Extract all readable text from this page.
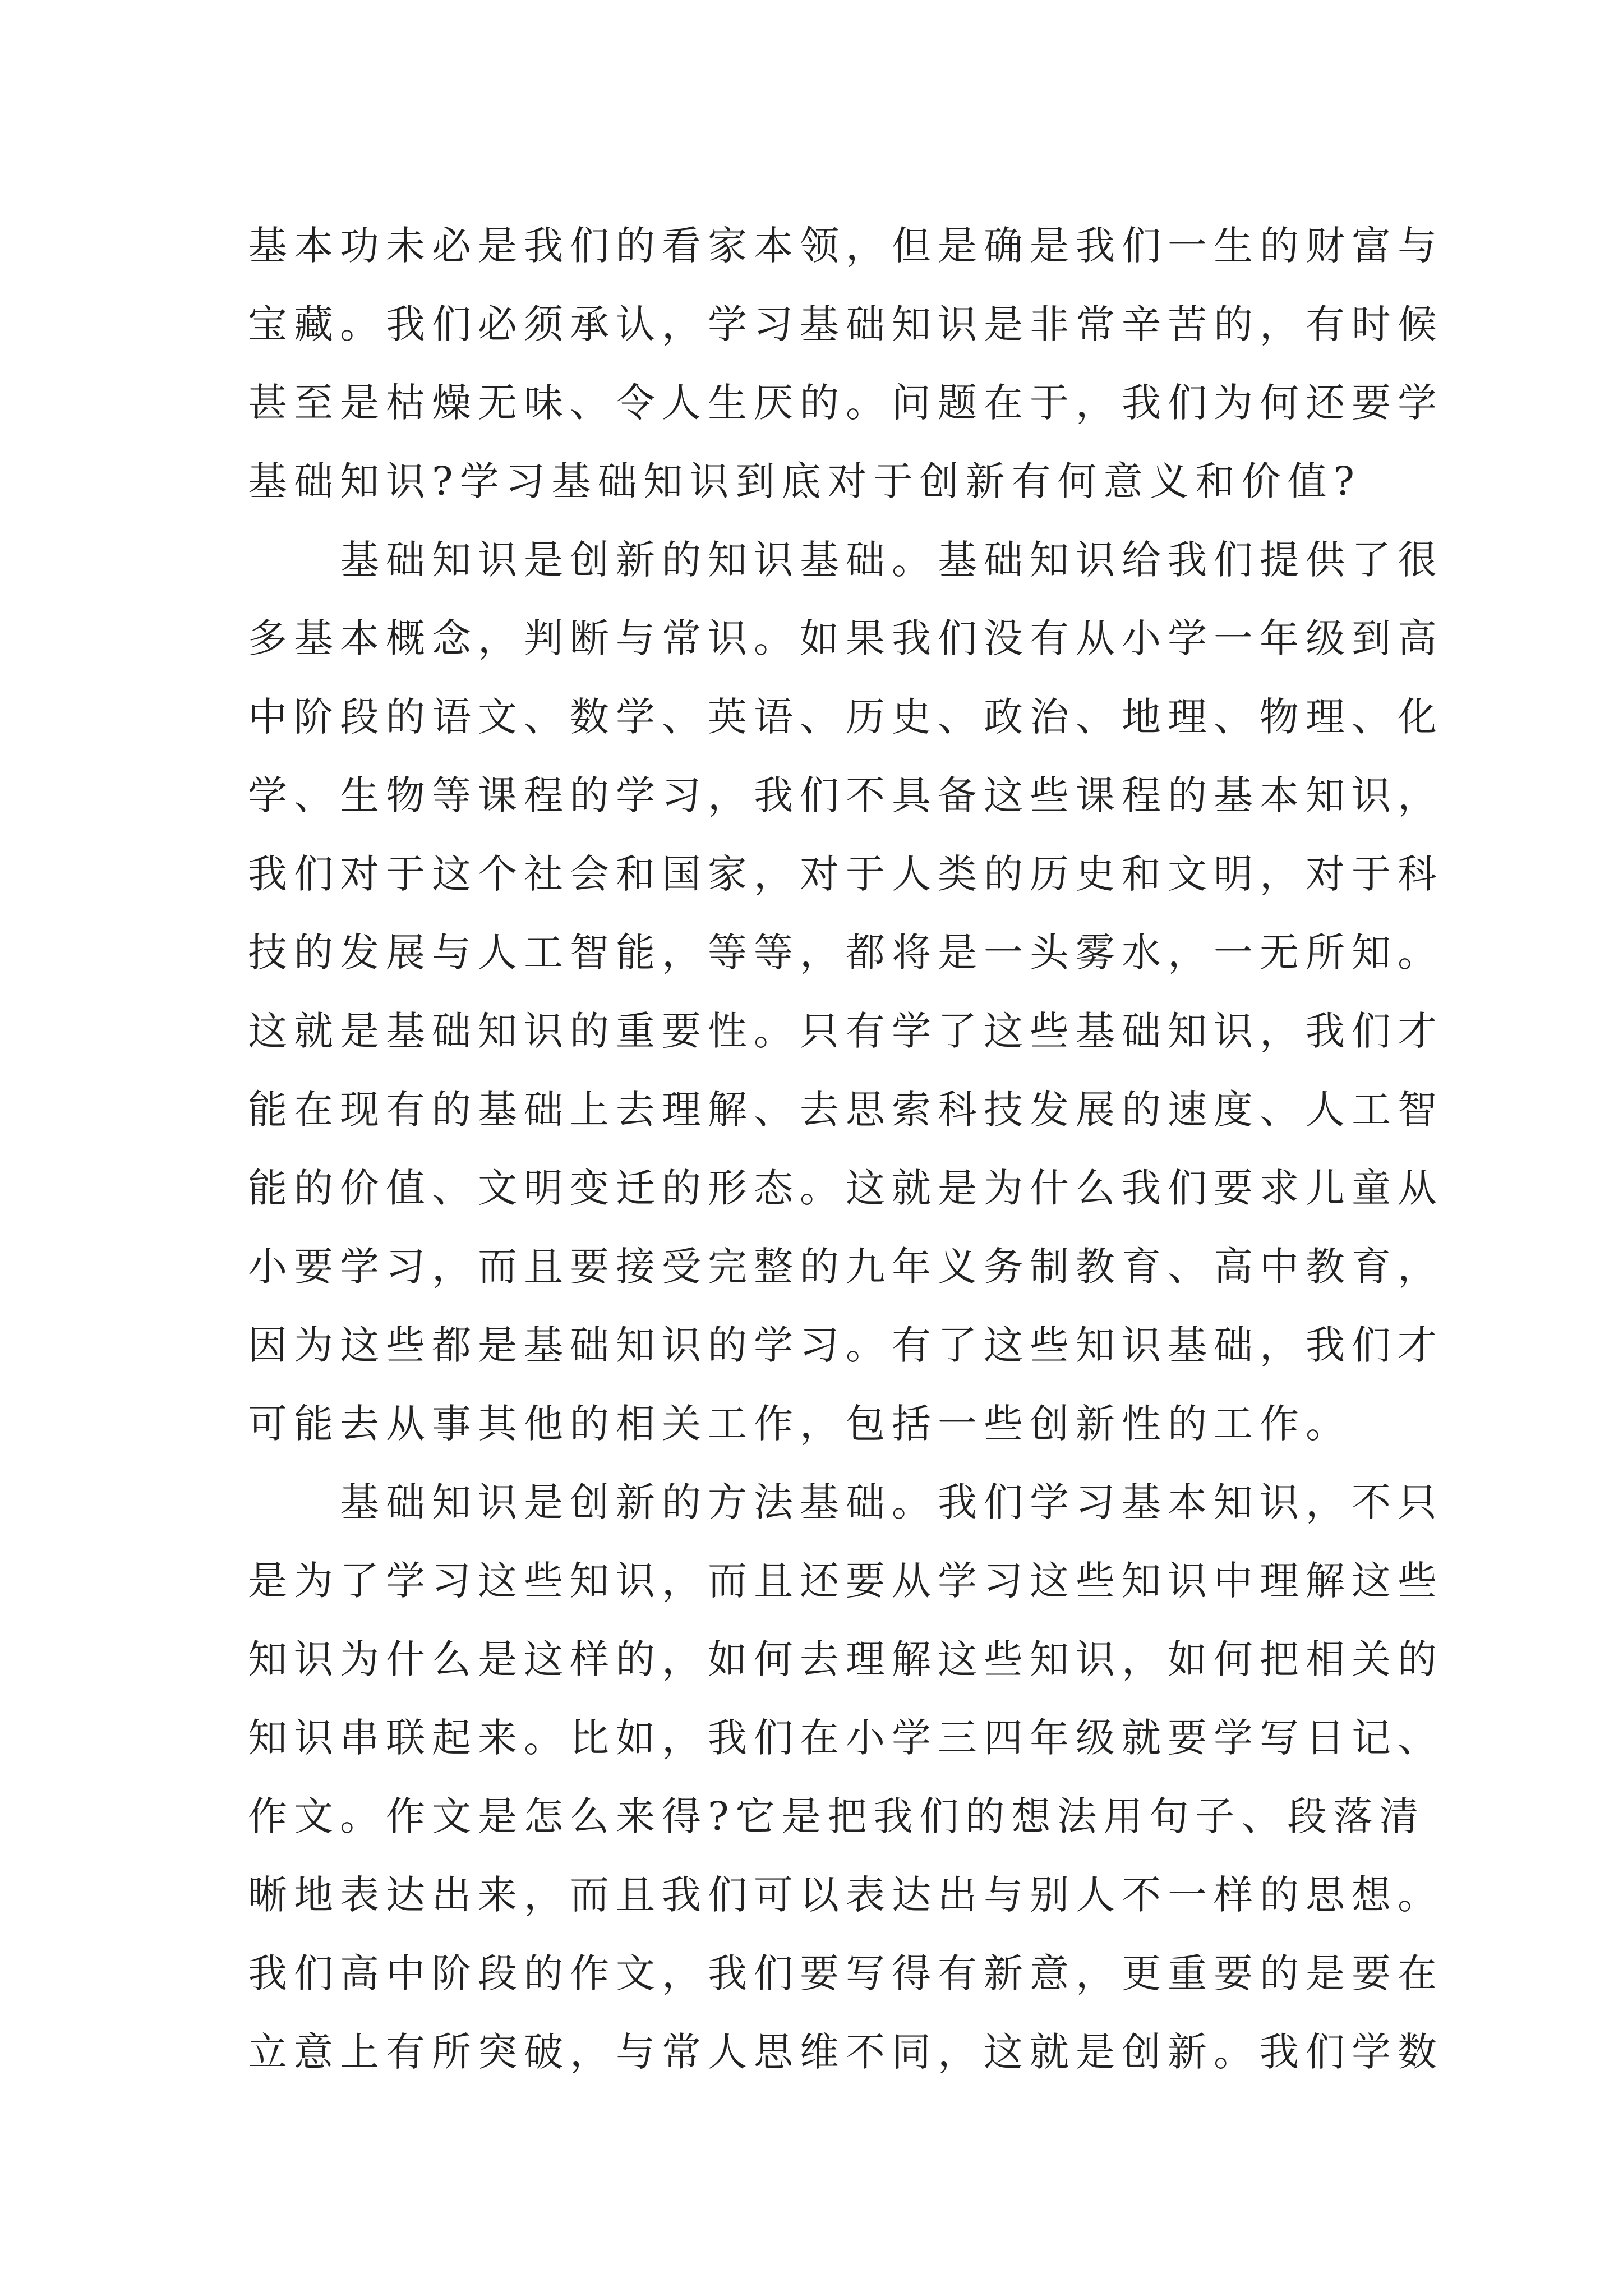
基本功未必是我们的看家本领，但是确是我们一生的财富与
宝藏。我们必须承认，学习基础知识是非常辛苦的，有时候
甚至是枯燥无味、令人生厌的。问题在于，我们为何还要学
基础知识?学习基础知识到底对于创新有何意义和价值?
基础知识是创新的知识基础。基础知识给我们提供了很
多基本概念，判断与常识。如果我们没有从小学一年级到高
中阶段的语文、数学、英语、历史、政治、地理、物理、化
学、生物等课程的学习，我们不具备这些课程的基本知识，
我们对于这个社会和国家，对于人类的历史和文明，对于科
技的发展与人工智能，等等，都将是一头雾水，一无所知。
这就是基础知识的重要性。只有学了这些基础知识，我们才
能在现有的基础上去理解、去思索科技发展的速度、人工智
能的价值、文明变迁的形态。这就是为什么我们要求儿童从
小要学习，而且要接受完整的九年义务制教育、高中教育，
因为这些都是基础知识的学习。有了这些知识基础，我们才
可能去从事其他的相关工作，包括一些创新性的工作。
基础知识是创新的方法基础。我们学习基本知识，不只
是为了学习这些知识，而且还要从学习这些知识中理解这些
知识为什么是这样的，如何去理解这些知识，如何把相关的
知识串联起来。比如，我们在小学三四年级就要学写日记、
作文。作文是怎么来得?它是把我们的想法用句子、段落清
晰地表达出来，而且我们可以表达出与别人不一样的思想。
我们高中阶段的作文，我们要写得有新意，更重要的是要在
立意上有所突破，与常人思维不同，这就是创新。我们学数
